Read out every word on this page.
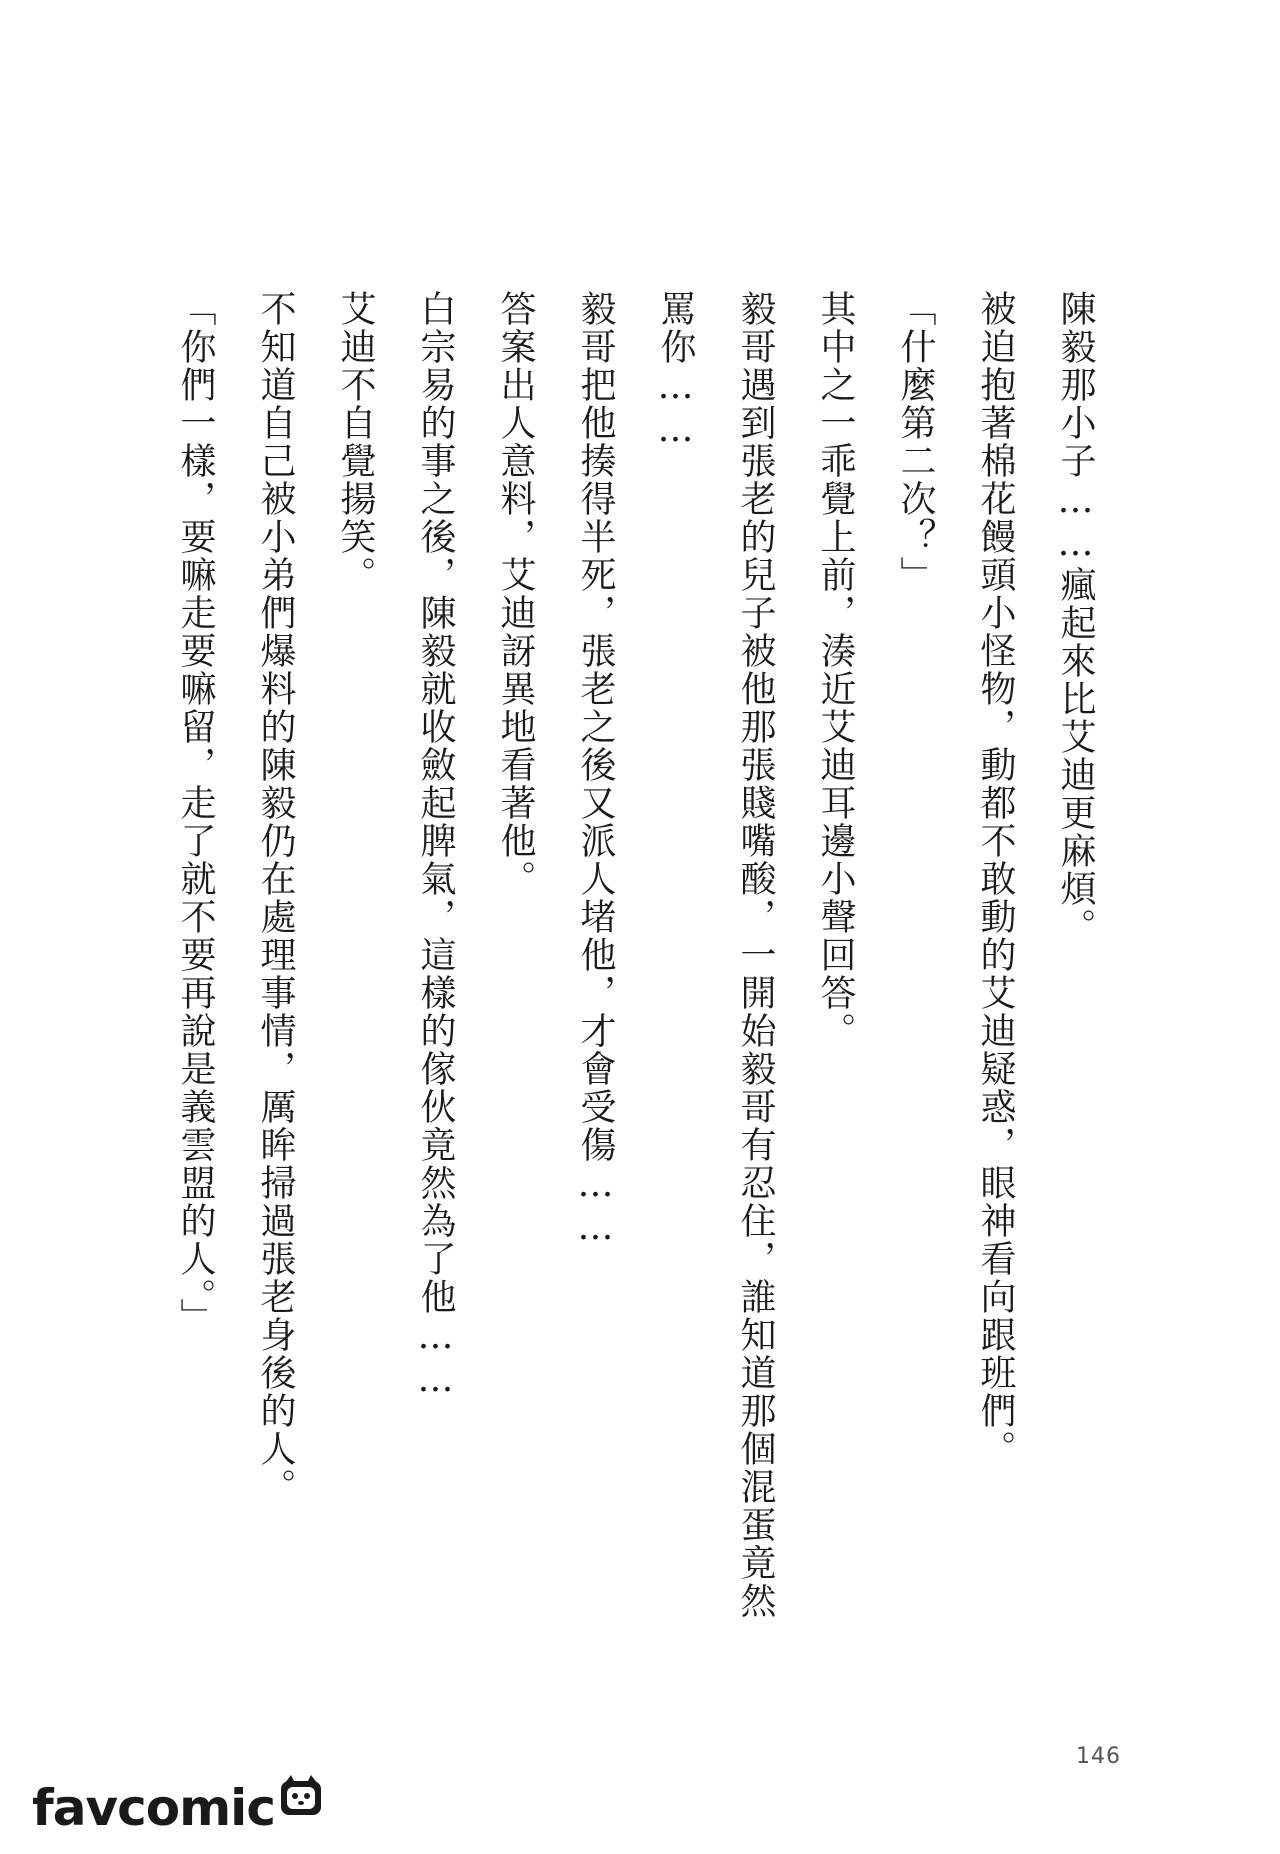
陳毅那小子……瘋起來比艾迪更麻煩。

被迫抱著棉花饅頭小怪物，動都不敢動的艾迪疑惑，眼神看向跟班們。

「什麼第二次？」

其中之一乖覺上前，湊近艾迪耳邊小聲回答。

毅哥遇到張老的兒子被他那張賤嘴酸，一開始毅哥有忍住，誰知道那個混蛋竟然罵你……

毅哥把他揍得半死，張老之後又派人堵他，才會受傷……

答案出人意料，艾迪訝異地看著他。

白宗易的事之後，陳毅就收斂起脾氣，這樣的傢伙竟然為了他……

艾迪不自覺揚笑。

不知道自己被小弟們爆料的陳毅仍在處理事情，厲眸掃過張老身後的人。

「你們一樣，要嘛走要嘛留，走了就不要再說是義雲盟的人。」

146
fav comic
